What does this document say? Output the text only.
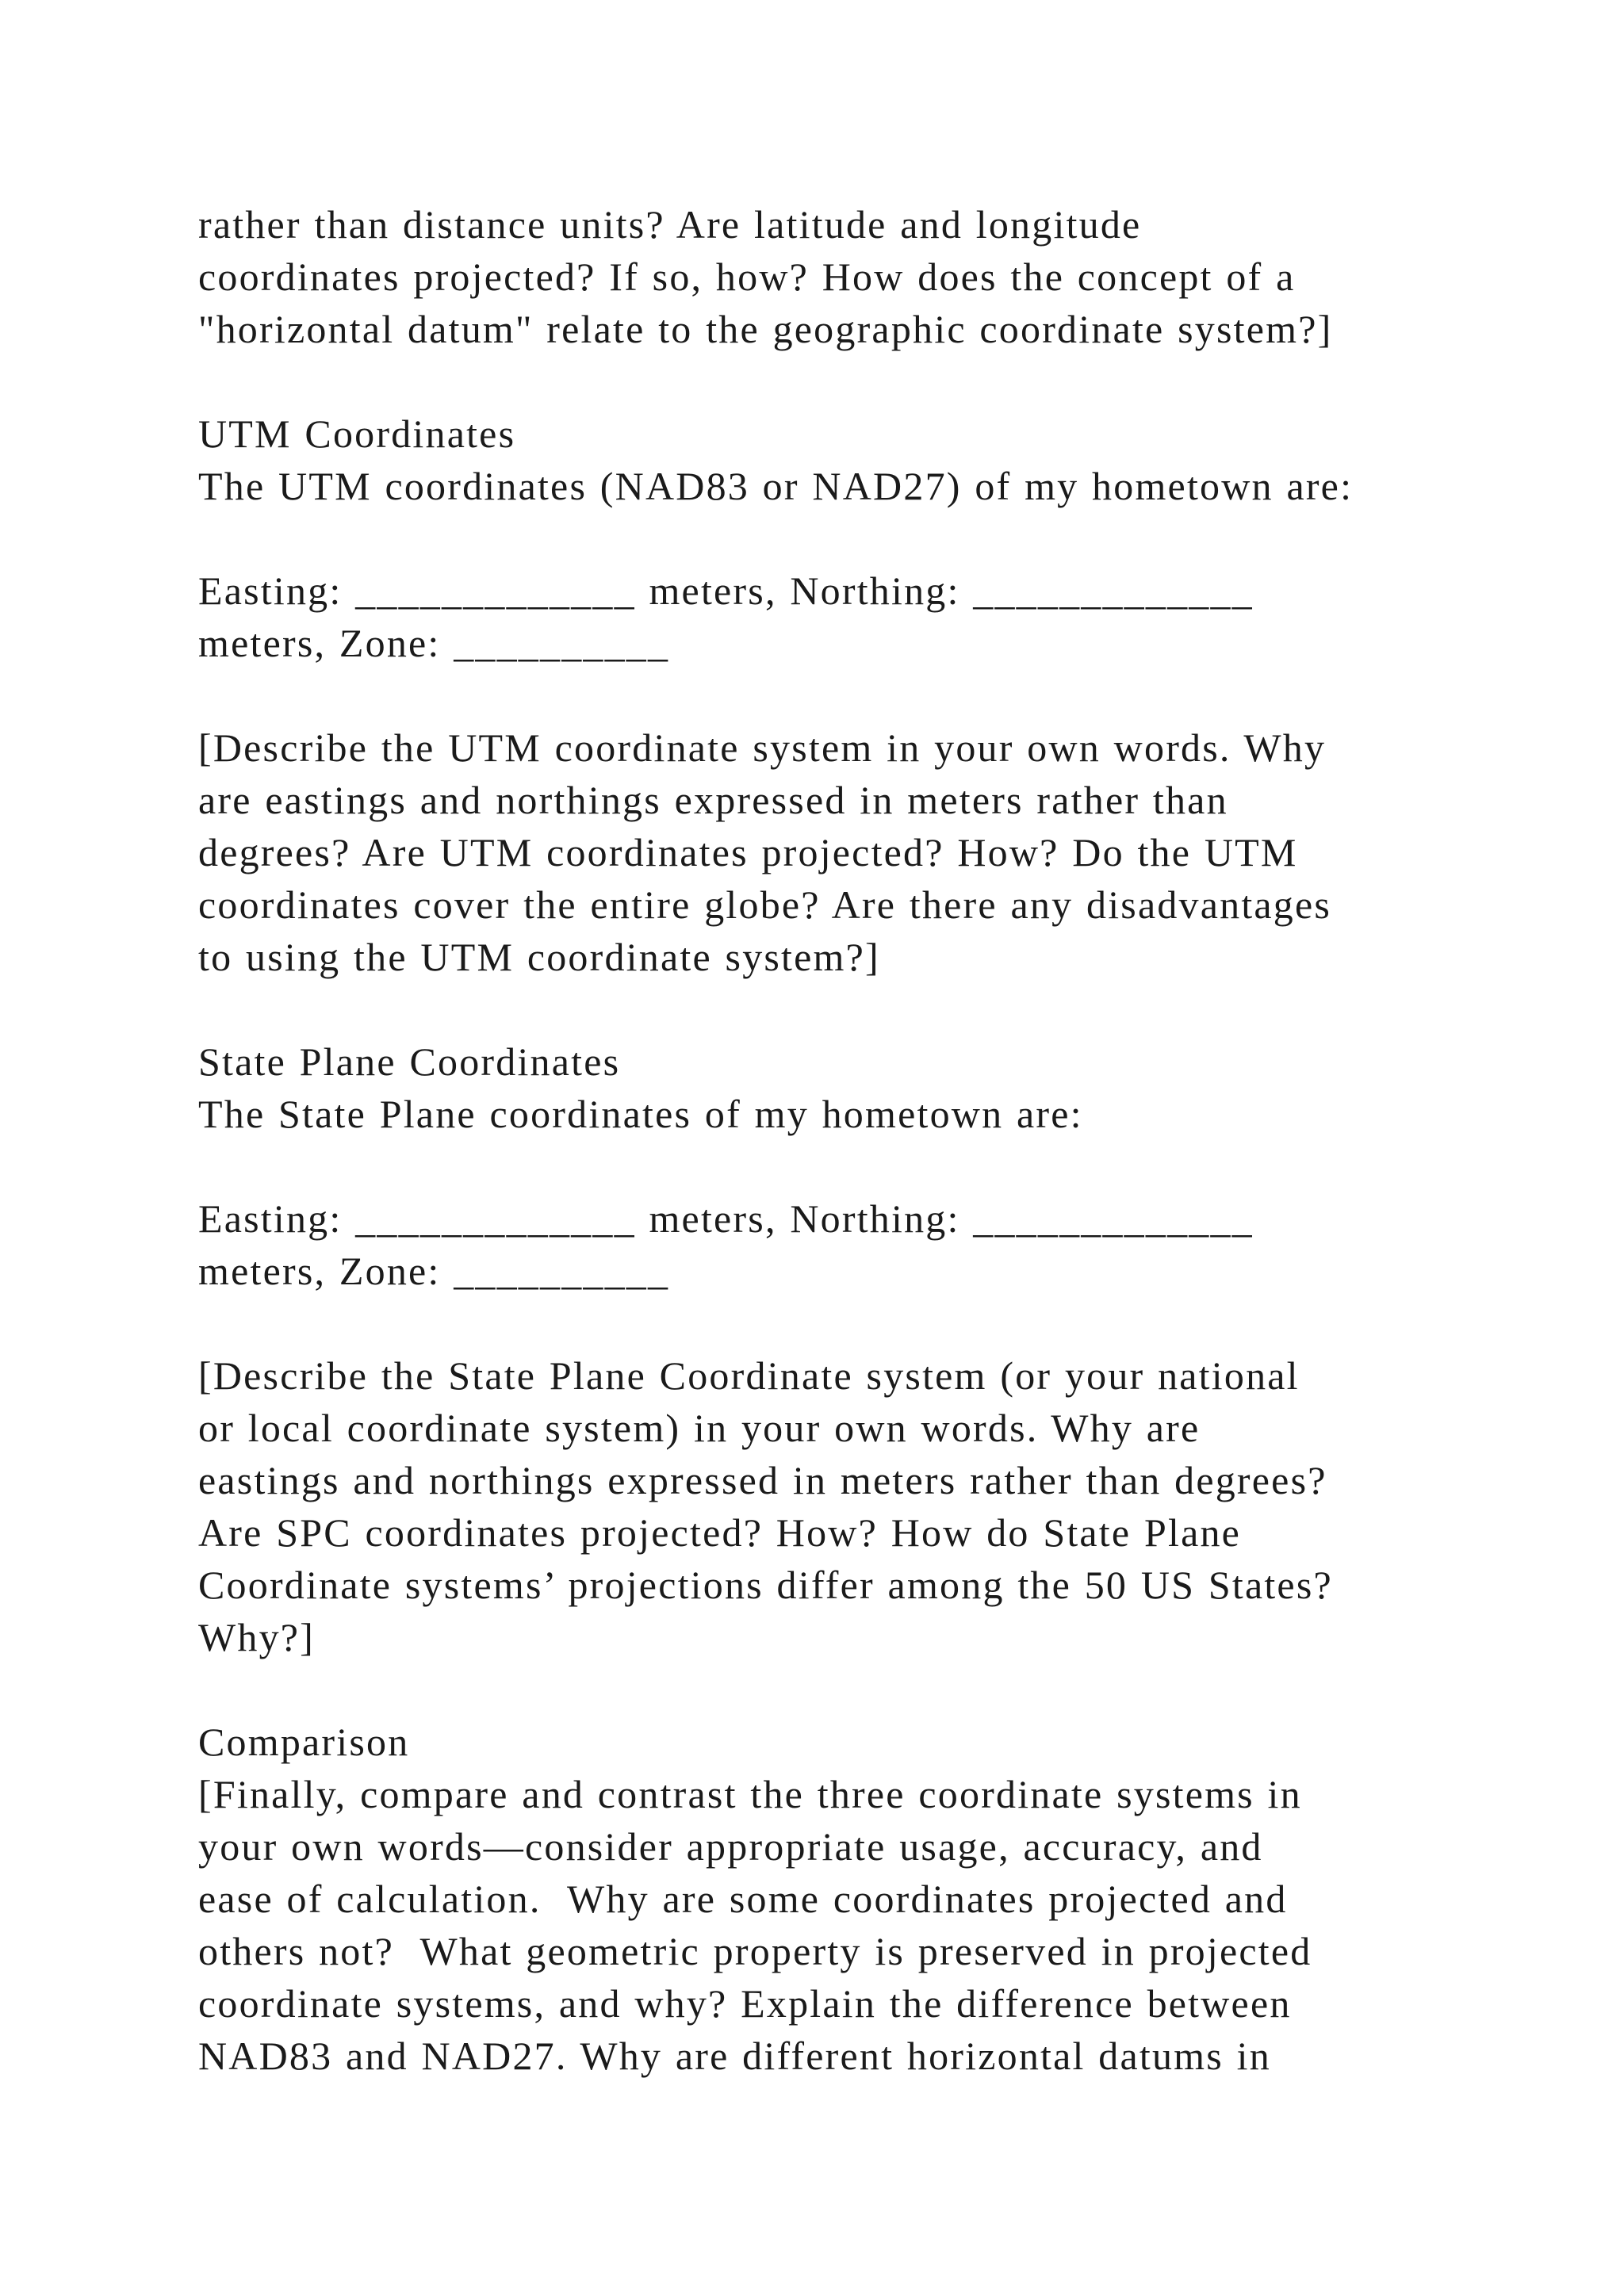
rather than distance units? Are latitude and longitude
coordinates projected? If so, how? How does the concept of a
"horizontal datum" relate to the geographic coordinate system?]
UTM Coordinates
The UTM coordinates (NAD83 or NAD27) of my hometown are:
Easting: _____________ meters, Northing: _____________
meters, Zone: __________
[Describe the UTM coordinate system in your own words. Why
are eastings and northings expressed in meters rather than
degrees? Are UTM coordinates projected? How? Do the UTM
coordinates cover the entire globe? Are there any disadvantages
to using the UTM coordinate system?]
State Plane Coordinates
The State Plane coordinates of my hometown are:
Easting: _____________ meters, Northing: _____________
meters, Zone: __________
[Describe the State Plane Coordinate system (or your national
or local coordinate system) in your own words. Why are
eastings and northings expressed in meters rather than degrees?
Are SPC coordinates projected? How? How do State Plane
Coordinate systems’ projections differ among the 50 US States?
Why?]
Comparison
[Finally, compare and contrast the three coordinate systems in
your own words—consider appropriate usage, accuracy, and
ease of calculation.  Why are some coordinates projected and
others not?  What geometric property is preserved in projected
coordinate systems, and why? Explain the difference between
NAD83 and NAD27. Why are different horizontal datums in
